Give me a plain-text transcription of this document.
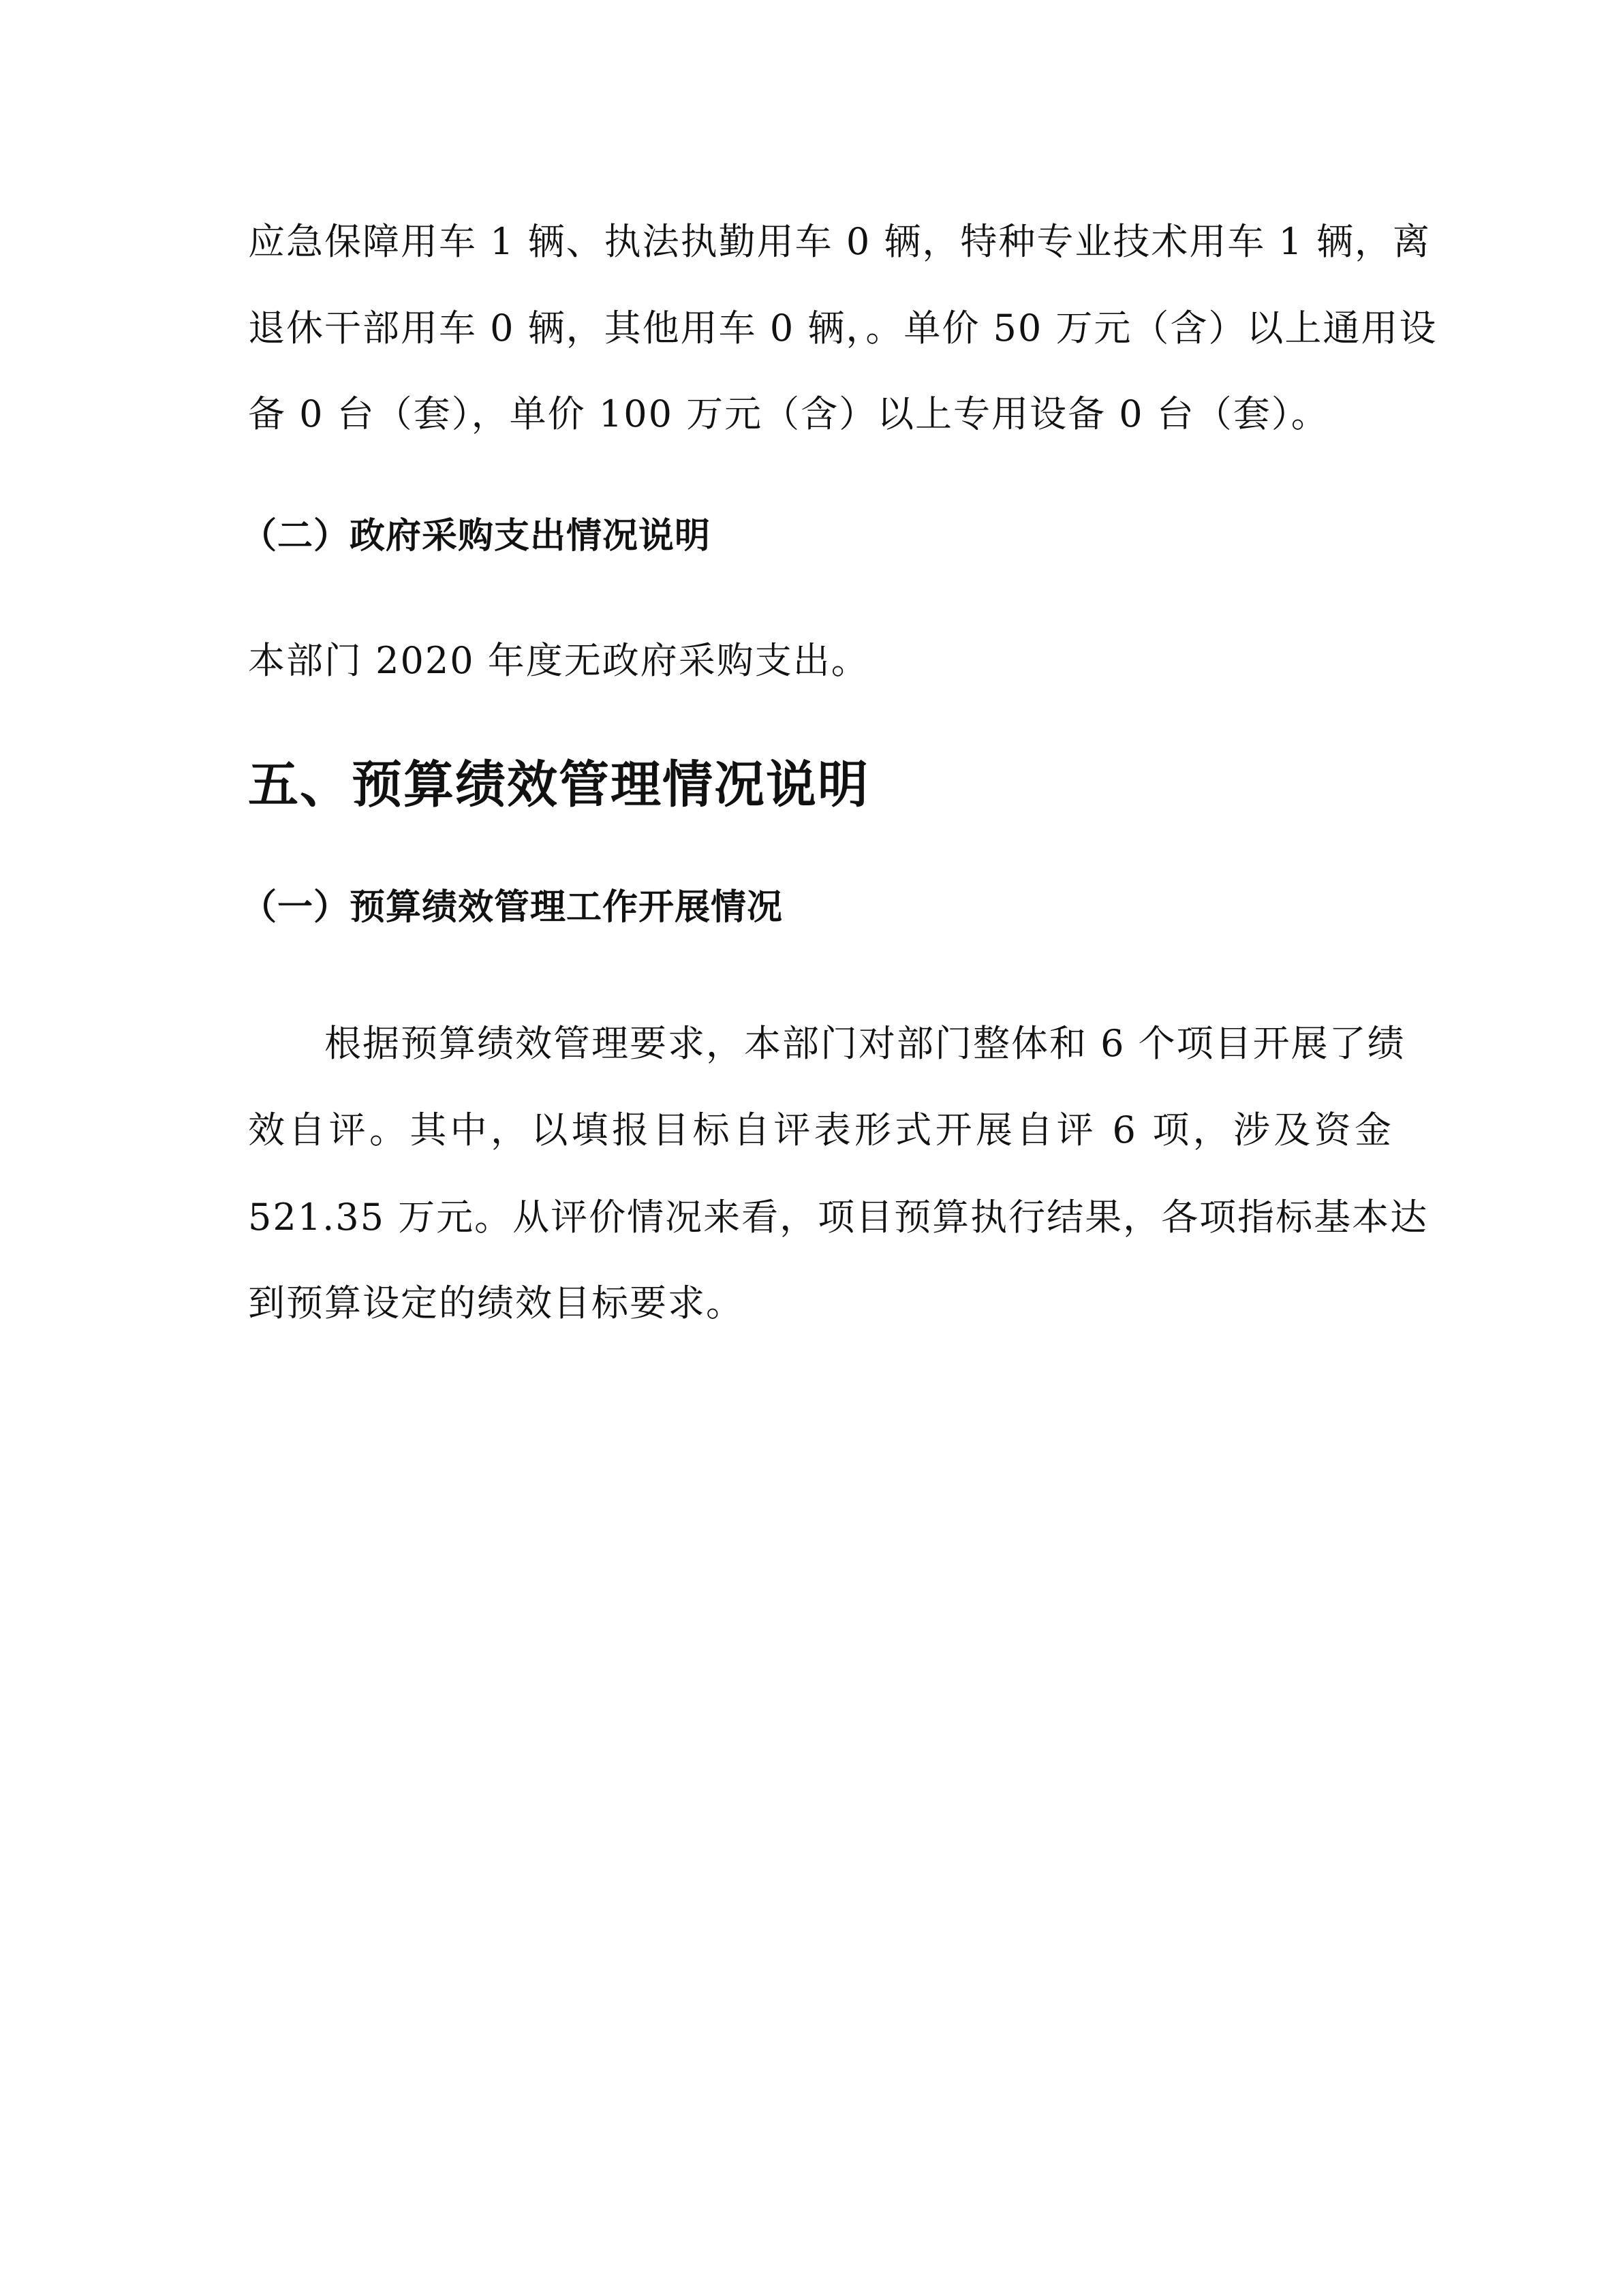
应急保障用车 1 辆、执法执勤用车 0 辆，特种专业技术用车 1 辆，离
退休干部用车 0 辆，其他用车 0 辆，。单价 50 万元（含）以上通用设
备 0 台（套），单价 100 万元（含）以上专用设备 0 台（套）。
（二）政府采购支出情况说明
本部门 2020 年度无政府采购支出。
五、预算绩效管理情况说明
（一）预算绩效管理工作开展情况
根据预算绩效管理要求，本部门对部门整体和 6 个项目开展了绩
效自评。其中，以填报目标自评表形式开展自评 6 项，涉及资金
521.35 万元。从评价情况来看，项目预算执行结果，各项指标基本达
到预算设定的绩效目标要求。
